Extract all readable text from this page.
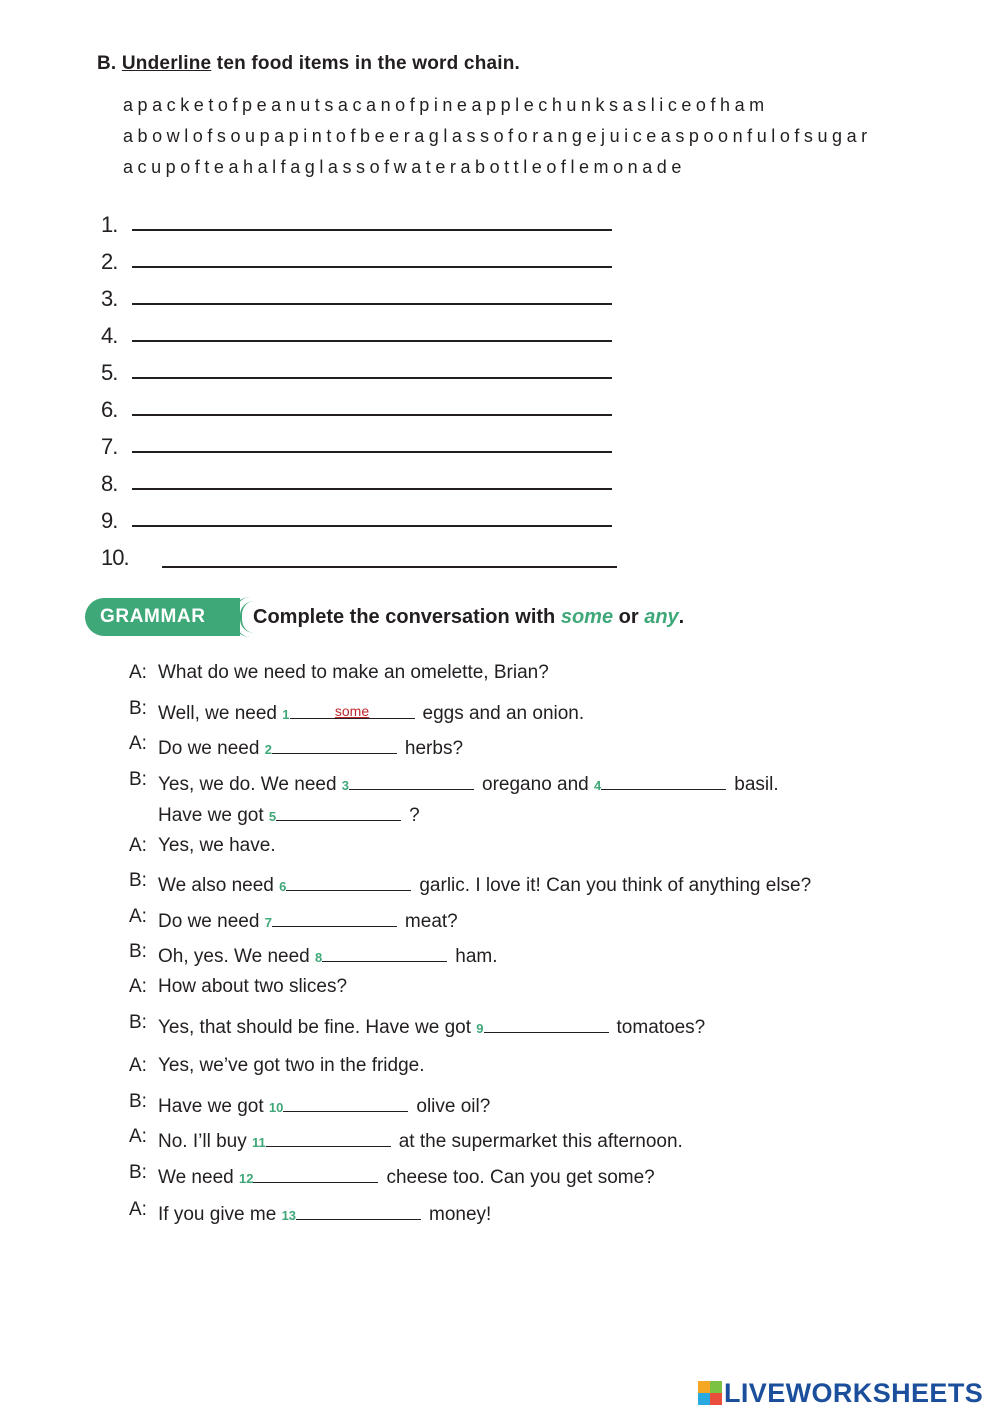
B. Underline ten food items in the word chain.
apacketofpeanutsacanofpineapplechunksasliceofham
abowlofsoupapintofbeeraglassoforangejuiceaspoonfulofsugar
acupofteahalfaglassofwaterabottleoflemonade
1.
2.
3.
4.
5.
6.
7.
8.
9.
10.
GRAMMAR Complete the conversation with some or any.
A: What do we need to make an omelette, Brian?
B: Well, we need 1	some	eggs and an onion.
A: Do we need 2	herbs?
B: Yes, we do. We need 3	oregano and 4	basil.
Have we got 5	?
A: Yes, we have.
B: We also need 6	garlic. I love it! Can you think of anything else?
A: Do we need 7	meat?
B: Oh, yes. We need 8	ham.
A: How about two slices?
B: Yes, that should be fine. Have we got 9	tomatoes?
A: Yes, we’ve got two in the fridge.
B: Have we got 10	olive oil?
A: No. I’ll buy 11	at the supermarket this afternoon.
B: We need 12	cheese too. Can you get some?
A: If you give me 13	money!
LIVEWORKSHEETS
